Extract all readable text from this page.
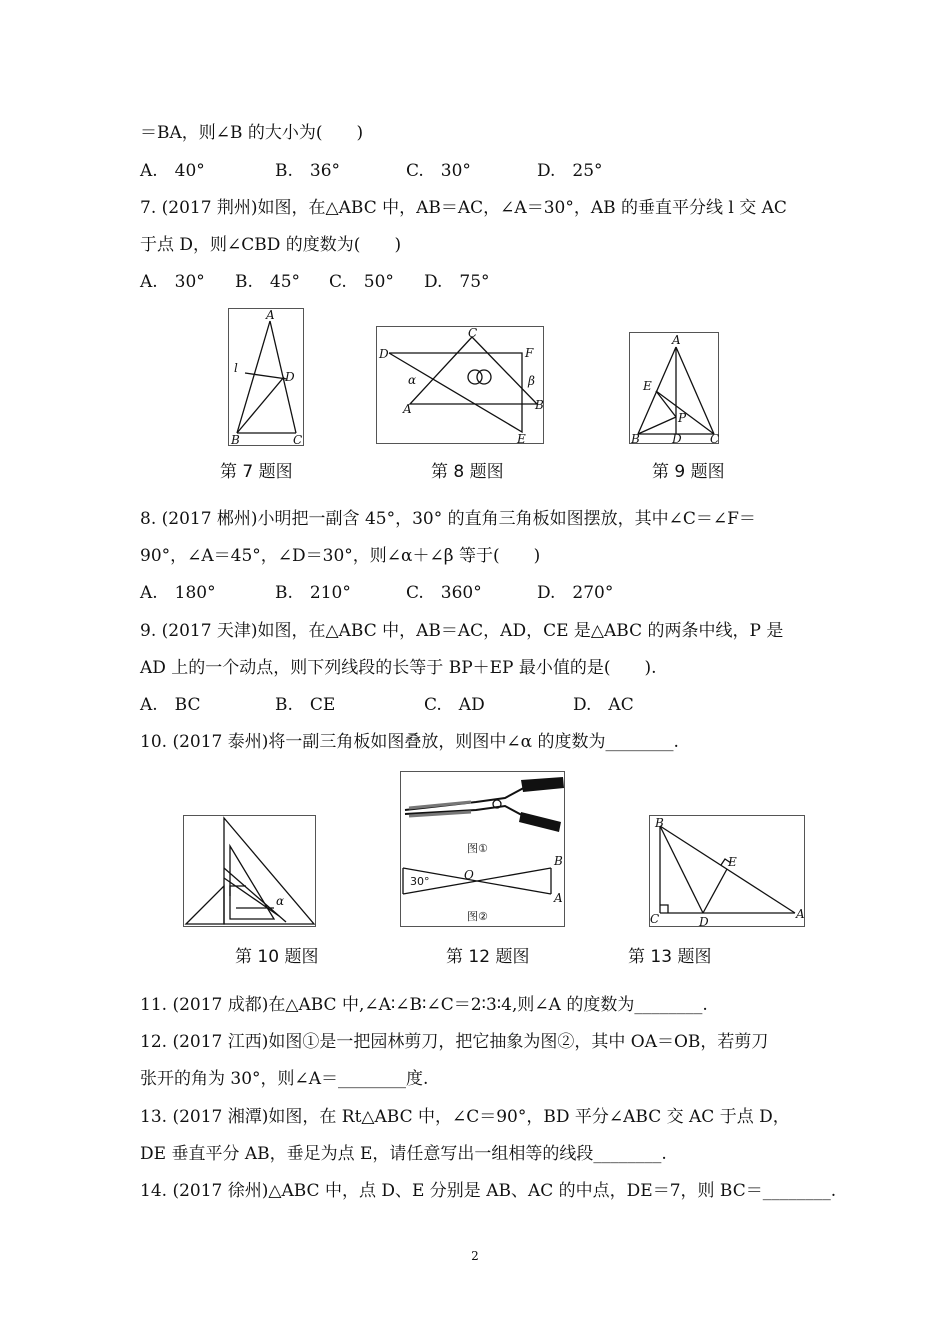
＝BA，则∠B 的大小为(　　)
A.　40°	B.　36°	C.　30°	D.　25°
7. (2017 荆州)如图，在△ABC 中，AB＝AC，∠A＝30°，AB 的垂直平分线 l 交 AC
于点 D，则∠CBD 的度数为(　　)
A.　30° B.　45° C.　50° D.　75°
A
B	C
D
l
C
D	F
A	B
E
α	β
A
E
P
B	D C
第 7 题图	第 8 题图	第 9 题图
8. (2017 郴州)小明把一副含 45°，30° 的直角三角板如图摆放，其中∠C＝∠F＝
90°，∠A＝45°，∠D＝30°，则∠α＋∠β 等于(　　)
A.　180°	B.　210°	C.　360°	D.　270°
9. (2017 天津)如图，在△ABC 中，AB＝AC，AD，CE 是△ABC 的两条中线，P 是
AD 上的一个动点，则下列线段的长等于 BP＋EP 最小值的是(　　).
A.　BC	B.　CE	C.　AD	D.　AC
10. (2017 泰州)将一副三角板如图叠放，则图中∠α 的度数为________.
α
图①
图②
30°	O
B
A
B
C	D
E
A
第 10 题图	第 12 题图	第 13 题图
11. (2017 成都)在△ABC 中,∠A∶∠B∶∠C＝2∶3∶4,则∠A 的度数为________.
12. (2017 江西)如图①是一把园林剪刀，把它抽象为图②，其中 OA＝OB，若剪刀
张开的角为 30°，则∠A＝________度.
13. (2017 湘潭)如图，在 Rt△ABC 中，∠C＝90°，BD 平分∠ABC 交 AC 于点 D，
DE 垂直平分 AB，垂足为点 E，请任意写出一组相等的线段________.
14. (2017 徐州)△ABC 中，点 D、E 分别是 AB、AC 的中点，DE＝7，则 BC＝________.
2
